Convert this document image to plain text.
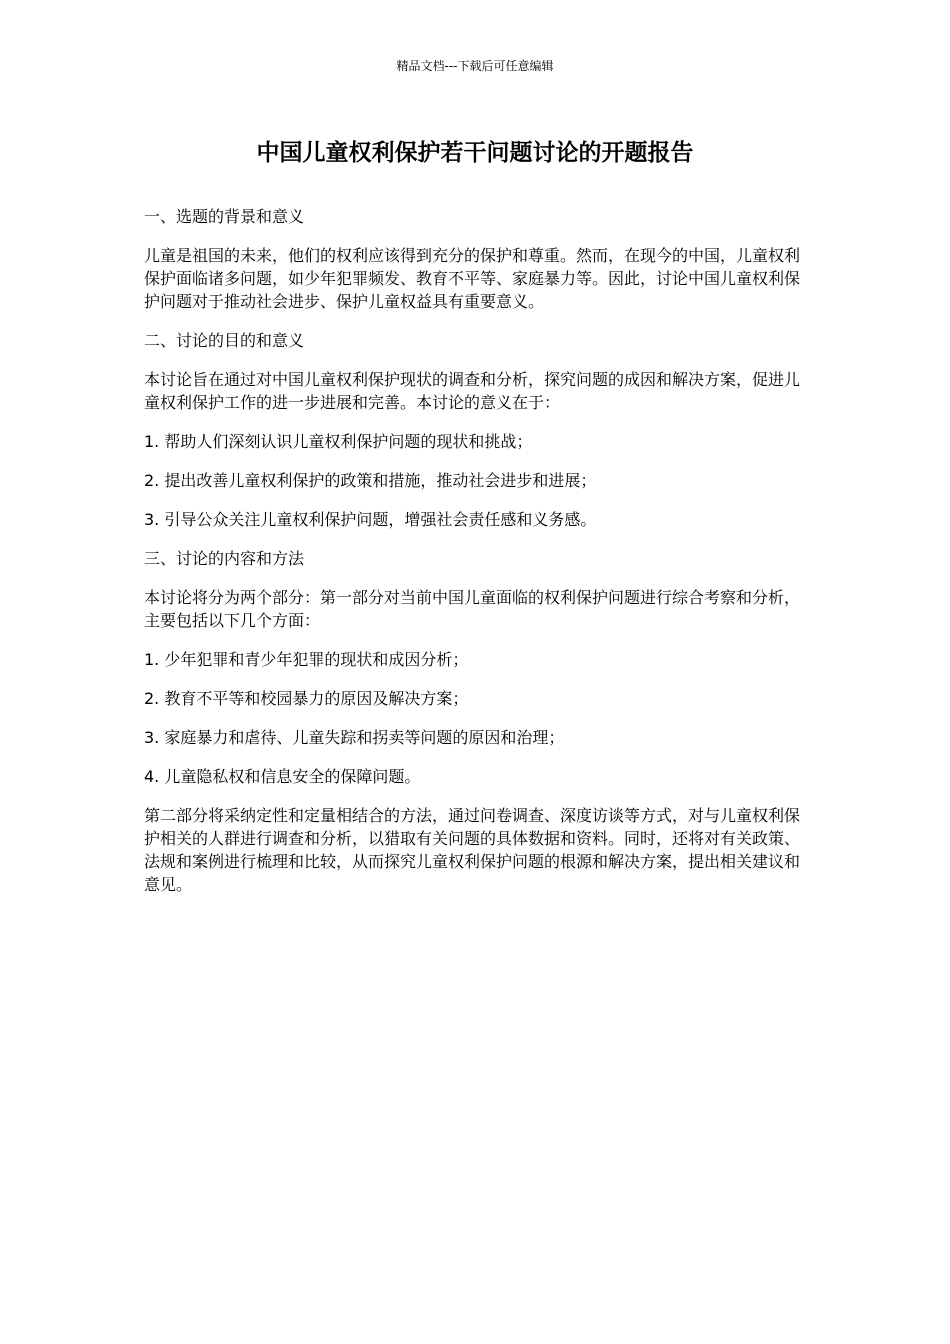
精品文档---下载后可任意编辑
中国儿童权利保护若干问题讨论的开题报告

一、选题的背景和意义

儿童是祖国的未来，他们的权利应该得到充分的保护和尊重。然而，在现今的中国，儿童权利保护面临诸多问题，如少年犯罪频发、教育不平等、家庭暴力等。因此，讨论中国儿童权利保护问题对于推动社会进步、保护儿童权益具有重要意义。

二、讨论的目的和意义

本讨论旨在通过对中国儿童权利保护现状的调查和分析，探究问题的成因和解决方案，促进儿童权利保护工作的进一步进展和完善。本讨论的意义在于：

1. 帮助人们深刻认识儿童权利保护问题的现状和挑战；

2. 提出改善儿童权利保护的政策和措施，推动社会进步和进展；

3. 引导公众关注儿童权利保护问题，增强社会责任感和义务感。

三、讨论的内容和方法

本讨论将分为两个部分：第一部分对当前中国儿童面临的权利保护问题进行综合考察和分析，主要包括以下几个方面：

1. 少年犯罪和青少年犯罪的现状和成因分析；

2. 教育不平等和校园暴力的原因及解决方案；

3. 家庭暴力和虐待、儿童失踪和拐卖等问题的原因和治理；

4. 儿童隐私权和信息安全的保障问题。

第二部分将采纳定性和定量相结合的方法，通过问卷调查、深度访谈等方式，对与儿童权利保护相关的人群进行调查和分析，以猎取有关问题的具体数据和资料。同时，还将对有关政策、法规和案例进行梳理和比较，从而探究儿童权利保护问题的根源和解决方案，提出相关建议和意见。
